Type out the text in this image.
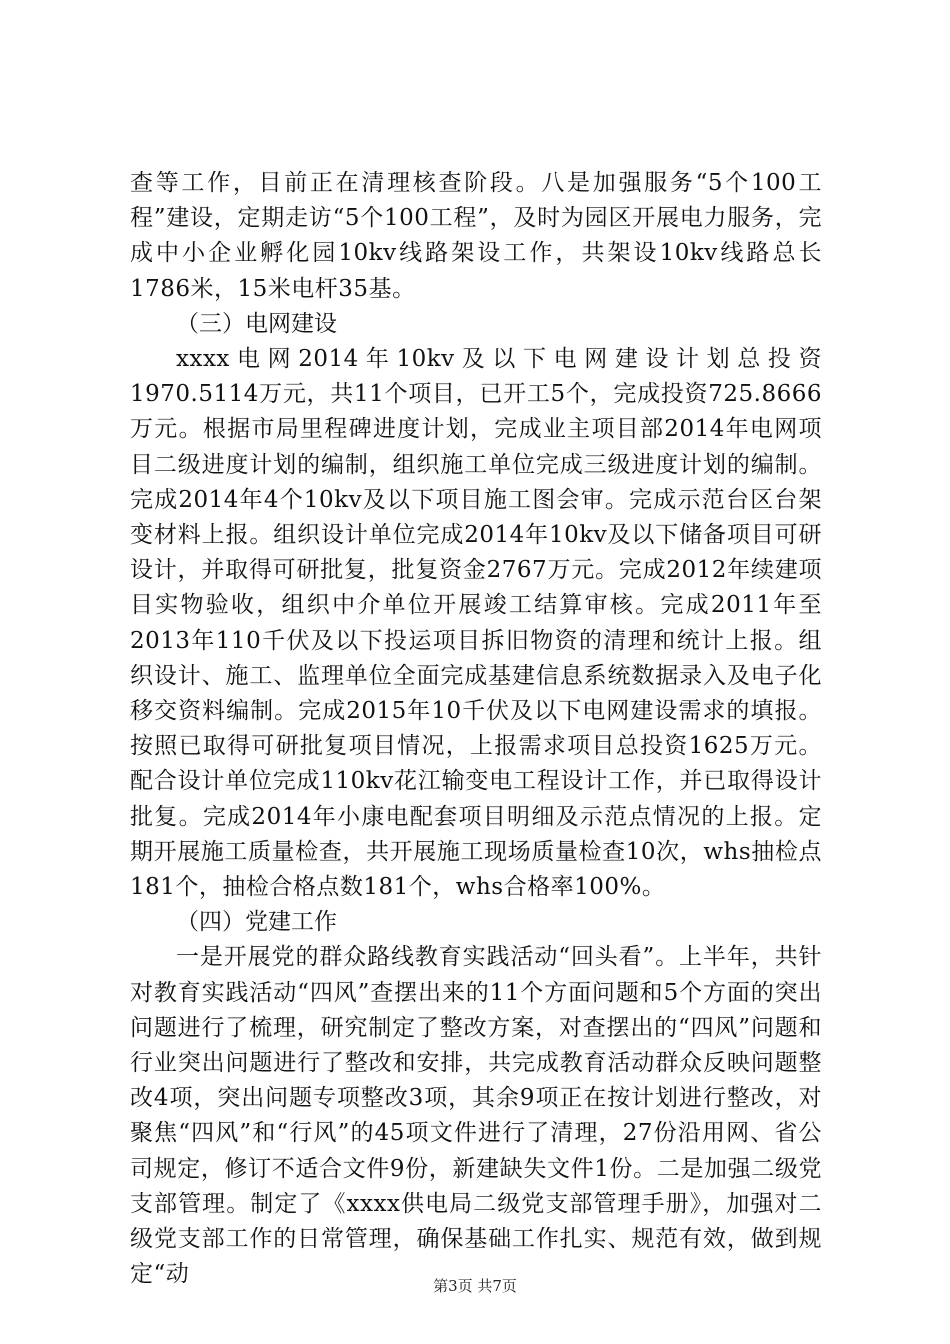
查等工作，目前正在清理核查阶段。八是加强服务“5个100工程”建设，定期走访“5个100工程”，及时为园区开展电力服务，完成中小企业孵化园10kv线路架设工作，共架设10kv线路总长1786米，15米电杆35基。

（三）电网建设

xxxx电网2014年10kv及以下电网建设计划总投资1970.5114万元，共11个项目，已开工5个，完成投资725.8666万元。根据市局里程碑进度计划，完成业主项目部2014年电网项目二级进度计划的编制，组织施工单位完成三级进度计划的编制。完成2014年4个10kv及以下项目施工图会审。完成示范台区台架变材料上报。组织设计单位完成2014年10kv及以下储备项目可研设计，并取得可研批复，批复资金2767万元。完成2012年续建项目实物验收，组织中介单位开展竣工结算审核。完成2011年至2013年110千伏及以下投运项目拆旧物资的清理和统计上报。组织设计、施工、监理单位全面完成基建信息系统数据录入及电子化移交资料编制。完成2015年10千伏及以下电网建设需求的填报。按照已取得可研批复项目情况，上报需求项目总投资1625万元。配合设计单位完成110kv花江输变电工程设计工作，并已取得设计批复。完成2014年小康电配套项目明细及示范点情况的上报。定期开展施工质量检查，共开展施工现场质量检查10次，whs抽检点181个，抽检合格点数181个，whs合格率100%。

（四）党建工作

一是开展党的群众路线教育实践活动“回头看”。上半年，共针对教育实践活动“四风”查摆出来的11个方面问题和5个方面的突出问题进行了梳理，研究制定了整改方案，对查摆出的“四风”问题和行业突出问题进行了整改和安排，共完成教育活动群众反映问题整改4项，突出问题专项整改3项，其余9项正在按计划进行整改，对聚焦“四风”和“行风”的45项文件进行了清理，27份沿用网、省公司规定，修订不适合文件9份，新建缺失文件1份。二是加强二级党支部管理。制定了《xxxx供电局二级党支部管理手册》，加强对二级党支部工作的日常管理，确保基础工作扎实、规范有效，做到规定“动	第3页 共7页
